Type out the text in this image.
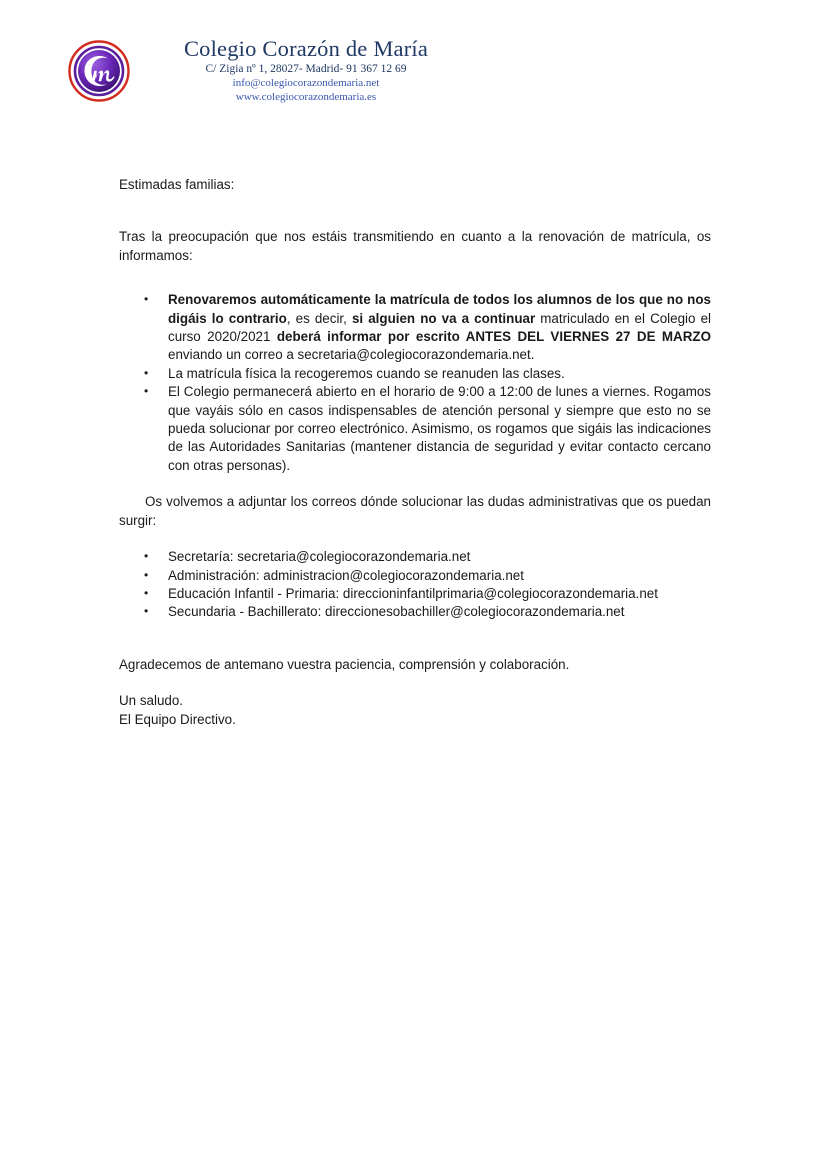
Colegio Corazón de María
C/ Zigia nº 1, 28027- Madrid- 91 367 12 69
info@colegiocorazondemaria.net
www.colegiocorazondemaria.es

Estimadas familias:

Tras la preocupación que nos estáis transmitiendo en cuanto a la renovación de matrícula, os informamos:

• Renovaremos automáticamente la matrícula de todos los alumnos de los que no nos digáis lo contrario, es decir, si alguien no va a continuar matriculado en el Colegio el curso 2020/2021 deberá informar por escrito ANTES DEL VIERNES 27 DE MARZO enviando un correo a secretaria@colegiocorazondemaria.net.
• La matrícula física la recogeremos cuando se reanuden las clases.
• El Colegio permanecerá abierto en el horario de 9:00 a 12:00 de lunes a viernes. Rogamos que vayáis sólo en casos indispensables de atención personal y siempre que esto no se pueda solucionar por correo electrónico. Asimismo, os rogamos que sigáis las indicaciones de las Autoridades Sanitarias (mantener distancia de seguridad y evitar contacto cercano con otras personas).

Os volvemos a adjuntar los correos dónde solucionar las dudas administrativas que os puedan surgir:

• Secretaría: secretaria@colegiocorazondemaria.net
• Administración: administracion@colegiocorazondemaria.net
• Educación Infantil - Primaria: direccioninfantilprimaria@colegiocorazondemaria.net
• Secundaria - Bachillerato: direccionesobachiller@colegiocorazondemaria.net

Agradecemos de antemano vuestra paciencia, comprensión y colaboración.

Un saludo.
El Equipo Directivo.
